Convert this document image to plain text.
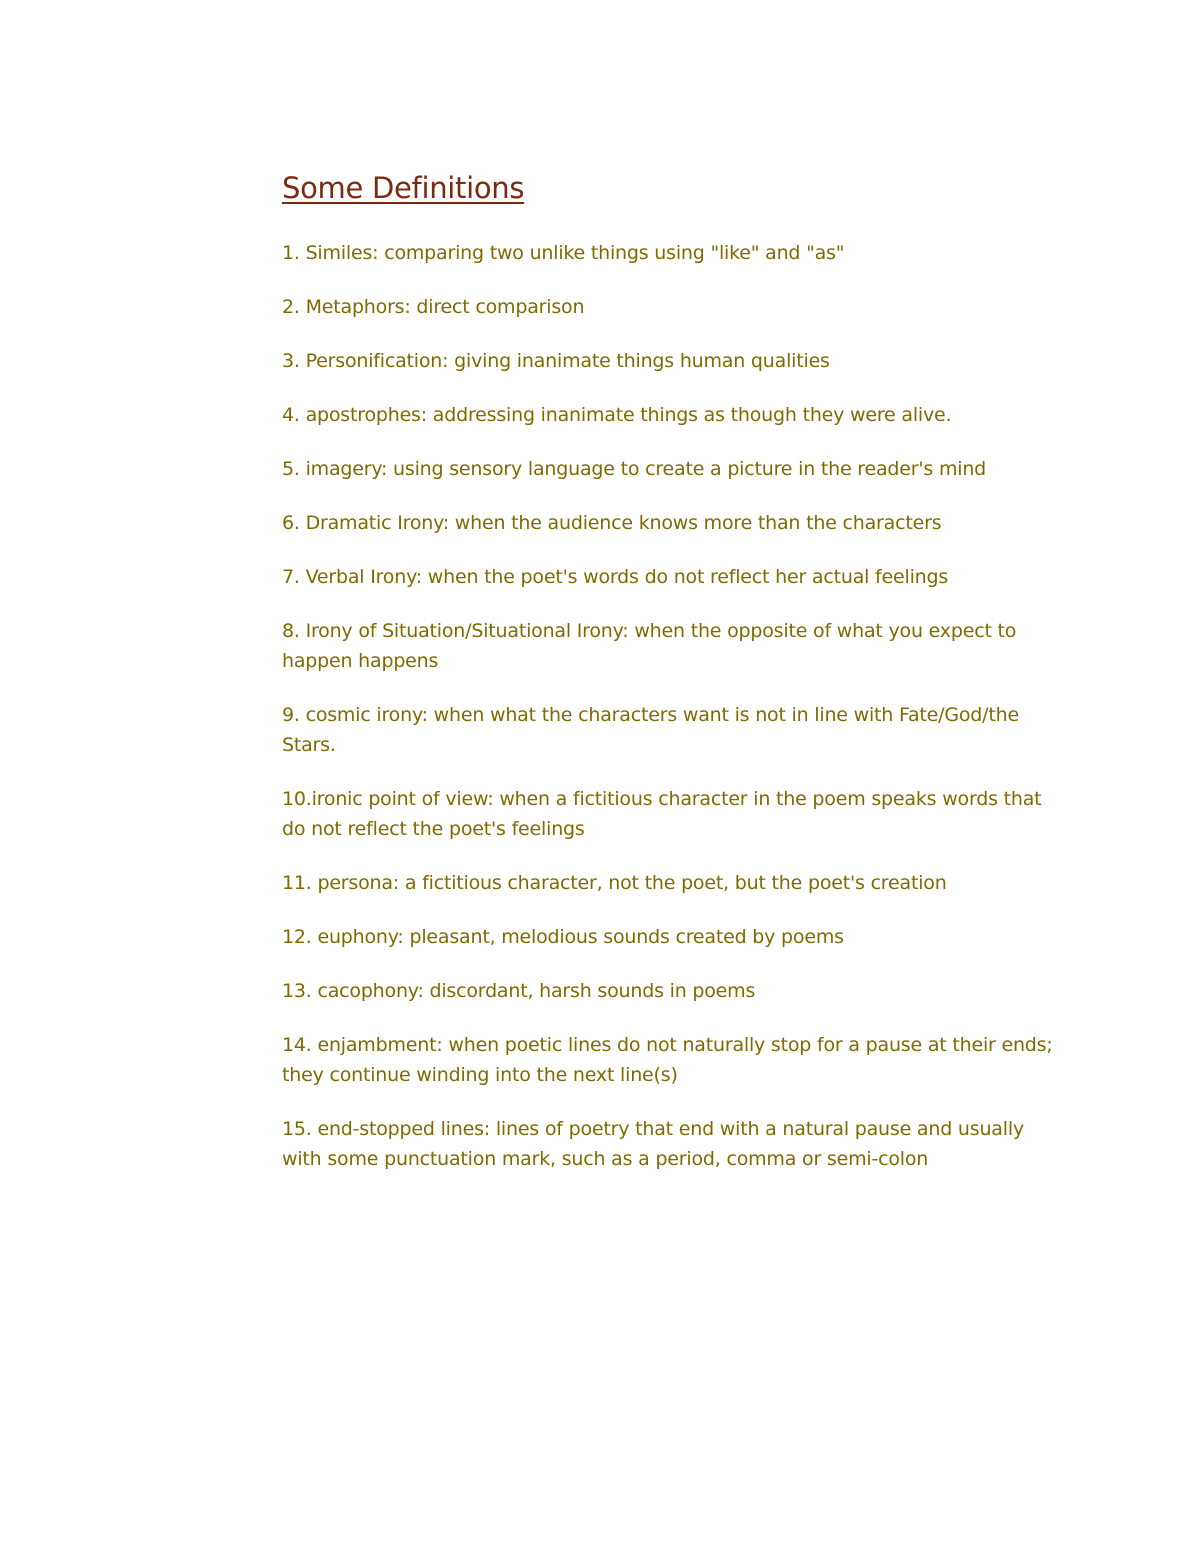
Some Definitions
1. Similes: comparing two unlike things using "like" and "as"
2. Metaphors: direct comparison
3. Personification: giving inanimate things human qualities
4. apostrophes: addressing inanimate things as though they were alive.
5. imagery: using sensory language to create a picture in the reader's mind
6. Dramatic Irony: when the audience knows more than the characters
7. Verbal Irony: when the poet's words do not reflect her actual feelings
8. Irony of Situation/Situational Irony: when the opposite of what you expect to happen happens
9. cosmic irony: when what the characters want is not in line with Fate/God/the Stars.
10.ironic point of view: when a fictitious character in the poem speaks words that do not reflect the poet's feelings
11. persona: a fictitious character, not the poet, but the poet's creation
12. euphony: pleasant, melodious sounds created by poems
13. cacophony: discordant, harsh sounds in poems
14. enjambment: when poetic lines do not naturally stop for a pause at their ends; they continue winding into the next line(s)
15. end-stopped lines: lines of poetry that end with a natural pause and usually with some punctuation mark, such as a period, comma or semi-colon
